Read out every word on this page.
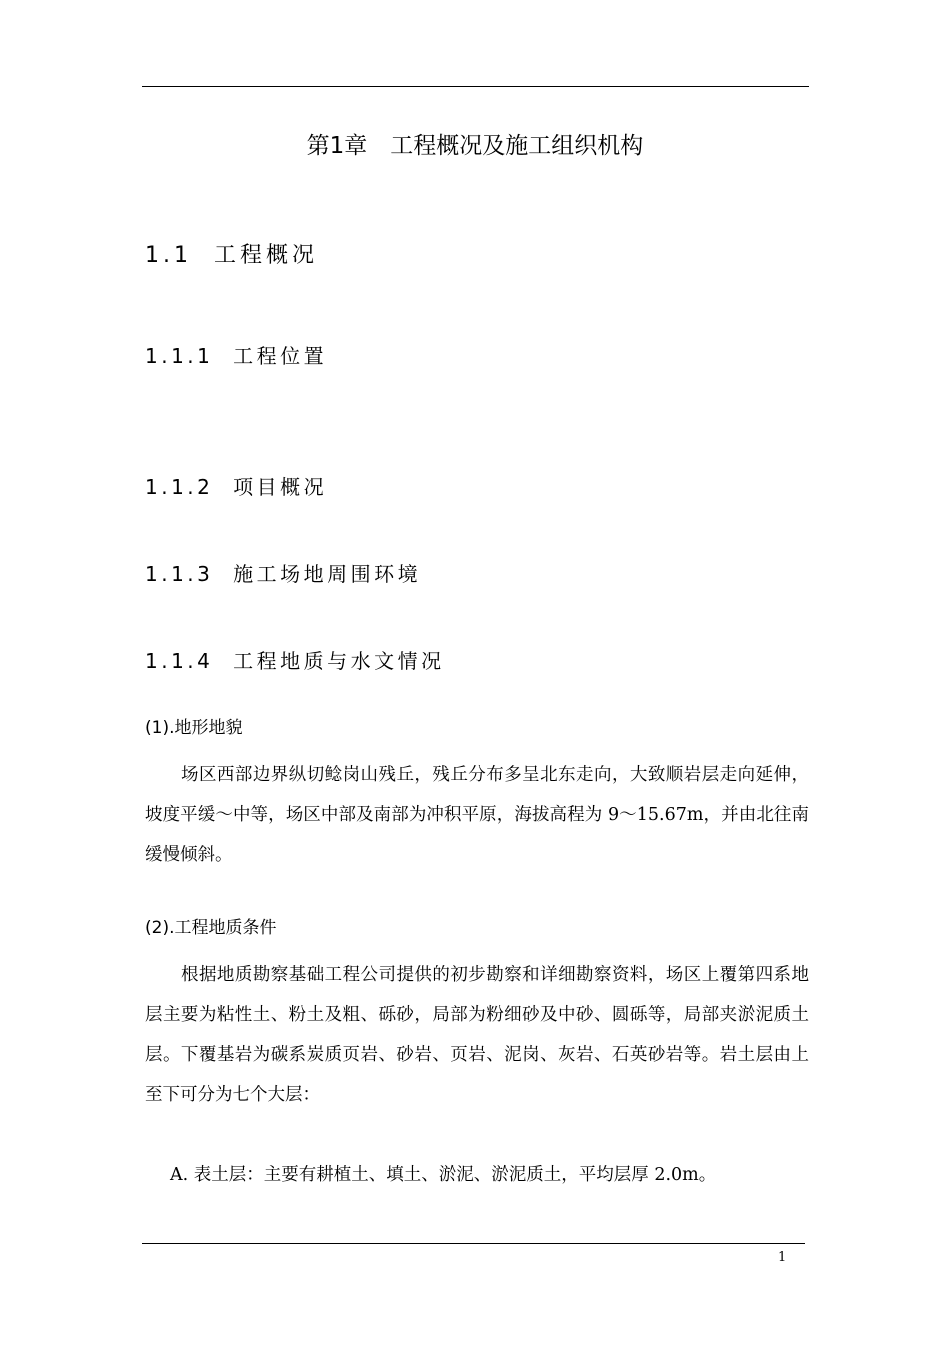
第1章　工程概况及施工组织机构
1.1  工程概况
1.1.1  工程位置
1.1.2  项目概况
1.1.3  施工场地周围环境
1.1.4  工程地质与水文情况
(1).地形地貌
场区西部边界纵切鲶岗山残丘，残丘分布多呈北东走向，大致顺岩层走向延伸，坡度平缓～中等，场区中部及南部为冲积平原，海拔高程为 9～15.67m，并由北往南缓慢倾斜。
(2).工程地质条件
根据地质勘察基础工程公司提供的初步勘察和详细勘察资料，场区上覆第四系地层主要为粘性土、粉土及粗、砾砂，局部为粉细砂及中砂、圆砾等，局部夹淤泥质土层。下覆基岩为碳系炭质页岩、砂岩、页岩、泥岗、灰岩、石英砂岩等。岩土层由上至下可分为七个大层：
A. 表土层：主要有耕植土、填土、淤泥、淤泥质土，平均层厚 2.0m。
1
